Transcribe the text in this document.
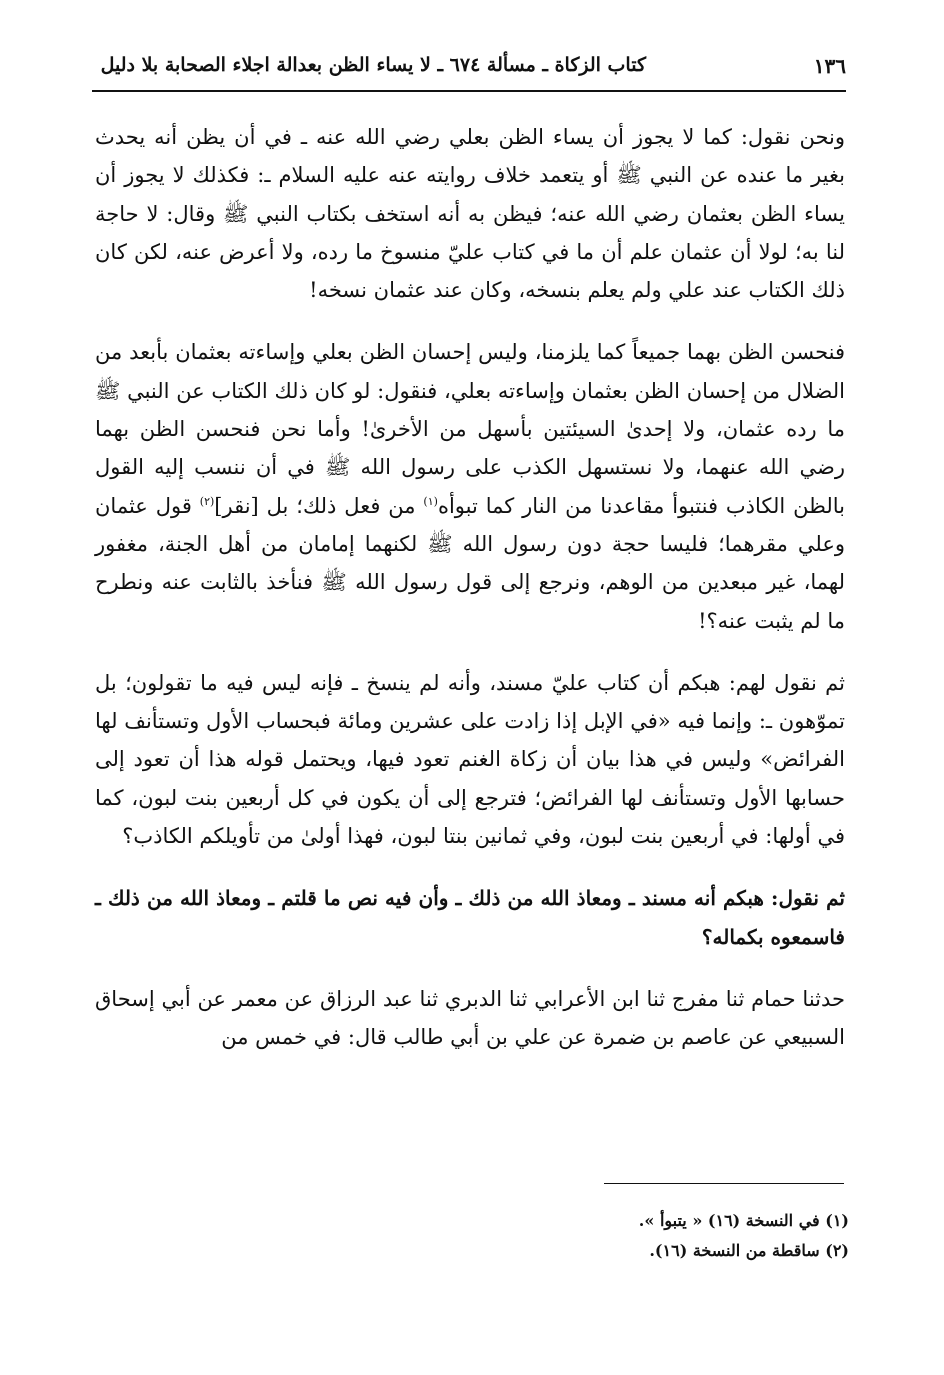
١٣٦
كتاب الزكاة ـ مسألة ٦٧٤ ـ لا يساء الظن بعدالة اجلاء الصحابة بلا دليل

ونحن نقول: كما لا يجوز أن يساء الظن بعلي رضي الله عنه ـ في أن يظن أنه يحدث بغير ما عنده عن النبي ﷺ أو يتعمد خلاف روايته عنه عليه السلام ـ: فكذلك لا يجوز أن يساء الظن بعثمان رضي الله عنه؛ فيظن به أنه استخف بكتاب النبي ﷺ وقال: لا حاجة لنا به؛ لولا أن عثمان علم أن ما في كتاب عليّ منسوخ ما رده، ولا أعرض عنه، لكن كان ذلك الكتاب عند علي ولم يعلم بنسخه، وكان عند عثمان نسخه!

فنحسن الظن بهما جميعاً كما يلزمنا، وليس إحسان الظن بعلي وإساءته بعثمان بأبعد من الضلال من إحسان الظن بعثمان وإساءته بعلي، فنقول: لو كان ذلك الكتاب عن النبي ﷺ ما رده عثمان، ولا إحدىٰ السيئتين بأسهل من الأخرىٰ! وأما نحن فنحسن الظن بهما رضي الله عنهما، ولا نستسهل الكذب على رسول الله ﷺ في أن ننسب إليه القول بالظن الكاذب فنتبوأ مقاعدنا من النار كما تبوأه$^{(١)}$ من فعل ذلك؛ بل [نقر]$^{(٢)}$ قول عثمان وعلي مقرهما؛ فليسا حجة دون رسول الله ﷺ لكنهما إمامان من أهل الجنة، مغفور لهما، غير مبعدين من الوهم، ونرجع إلى قول رسول الله ﷺ فنأخذ بالثابت عنه ونطرح ما لم يثبت عنه؟!

ثم نقول لهم: هبكم أن كتاب عليّ مسند، وأنه لم ينسخ ـ فإنه ليس فيه ما تقولون؛ بل تموّهون ـ: وإنما فيه «في الإبل إذا زادت على عشرين ومائة فبحساب الأول وتستأنف لها الفرائض» وليس في هذا بيان أن زكاة الغنم تعود فيها، ويحتمل قوله هذا أن تعود إلى حسابها الأول وتستأنف لها الفرائض؛ فترجع إلى أن يكون في كل أربعين بنت لبون، كما في أولها: في أربعين بنت لبون، وفي ثمانين بنتا لبون، فهذا أولىٰ من تأويلكم الكاذب؟

ثم نقول: هبكم أنه مسند ـ ومعاذ الله من ذلك ـ وأن فيه نص ما قلتم ـ ومعاذ الله من ذلك ـ فاسمعوه بكماله؟

حدثنا حمام ثنا مفرج ثنا ابن الأعرابي ثنا الدبري ثنا عبد الرزاق عن معمر عن أبي إسحاق السبيعي عن عاصم بن ضمرة عن علي بن أبي طالب قال: في خمس من

(١) في النسخة (١٦) « يتبوأ ».
(٢) ساقطة من النسخة (١٦).
